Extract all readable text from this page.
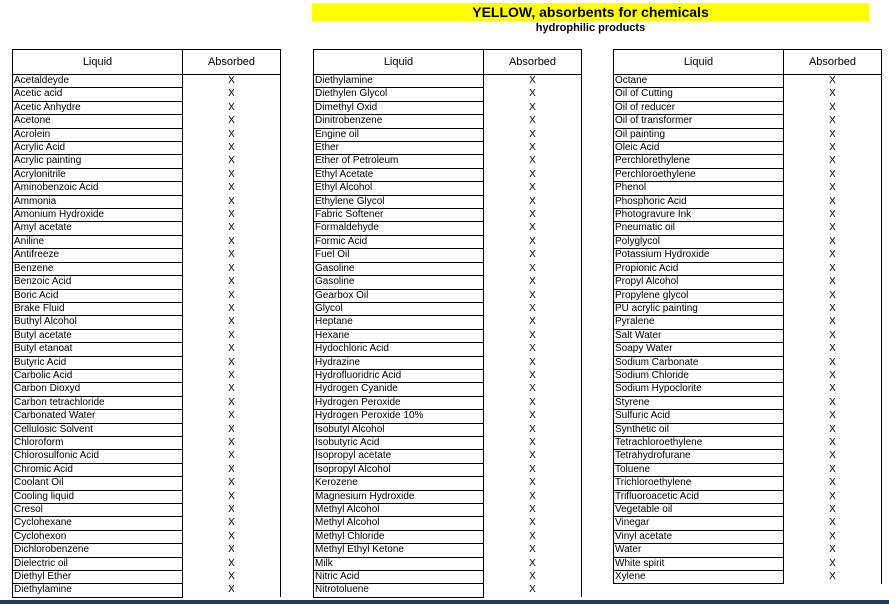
YELLOW, absorbents for chemicals
hydrophilic products
Liquid	Absorbed
Acetaldeyde	X
Acetic acid	X
Acetic Anhydre	X
Acetone	X
Acrolein	X
Acrylic Acid	X
Acrylic painting	X
Acrylonitrile	X
Aminobenzoic Acid	X
Ammonia	X
Amonium Hydroxide	X
Amyl acetate	X
Aniline	X
Antifreeze	X
Benzene	X
Benzoic Acid	X
Boric Acid	X
Brake Fluid	X
Buthyl Alcohol	X
Butyl acetate	X
Butyl etanoat	X
Butyric Acid	X
Carbolic Acid	X
Carbon Dioxyd	X
Carbon tetrachloride	X
Carbonated Water	X
Cellulosic Solvent	X
Chloroform	X
Chlorosulfonic Acid	X
Chromic Acid	X
Coolant Oil	X
Cooling liquid	X
Cresol	X
Cyclohexane	X
Cyclohexon	X
Dichlorobenzene	X
Dielectric oil	X
Diethyl Ether	X
Diethylamine	X
Liquid	Absorbed
Diethylamine	X
Diethylen Glycol	X
Dimethyl Oxid	X
Dinitrobenzene	X
Engine oil	X
Ether	X
Ether of Petroleum	X
Ethyl Acetate	X
Ethyl Alcohol	X
Ethylene Glycol	X
Fabric Softener	X
Formaldehyde	X
Formic Acid	X
Fuel Oil	X
Gasoline	X
Gasoline	X
Gearbox Oil	X
Glycol	X
Heptane	X
Hexane	X
Hydochloric Acid	X
Hydrazine	X
Hydrofluoridric Acid	X
Hydrogen Cyanide	X
Hydrogen Peroxide	X
Hydrogen Peroxide 10%	X
Isobutyl Alcohol	X
Isobutyric Acid	X
Isopropyl acetate	X
Isopropyl Alcohol	X
Kerozene	X
Magnesium Hydroxide	X
Methyl Alcohol	X
Methyl Alcohol	X
Methyl Chloride	X
Methyl Ethyl Ketone	X
Milk	X
Nitric Acid	X
Nitrotoluene	X
Liquid	Absorbed
Octane	X
Oil of Cutting	X
Oil of reducer	X
Oil of transformer	X
Oil painting	X
Oleic Acid	X
Perchlorethylene	X
Perchloroethylene	X
Phenol	X
Phosphoric Acid	X
Photogravure Ink	X
Pneumatic oil	X
Polyglycol	X
Potassium Hydroxide	X
Propionic Acid	X
Propyl Alcohol	X
Propylene glycol	X
PU acrylic painting	X
Pyralene	X
Salt Water	X
Soapy Water	X
Sodium Carbonate	X
Sodium Chloride	X
Sodium Hypoclorite	X
Styrene	X
Sulfuric Acid	X
Synthetic oil	X
Tetrachloroethylene	X
Tetrahydrofurane	X
Toluene	X
Trichloroethylene	X
Trifluoroacetic Acid	X
Vegetable oil	X
Vinegar	X
Vinyl acetate	X
Water	X
White spirit	X
Xylene	X
